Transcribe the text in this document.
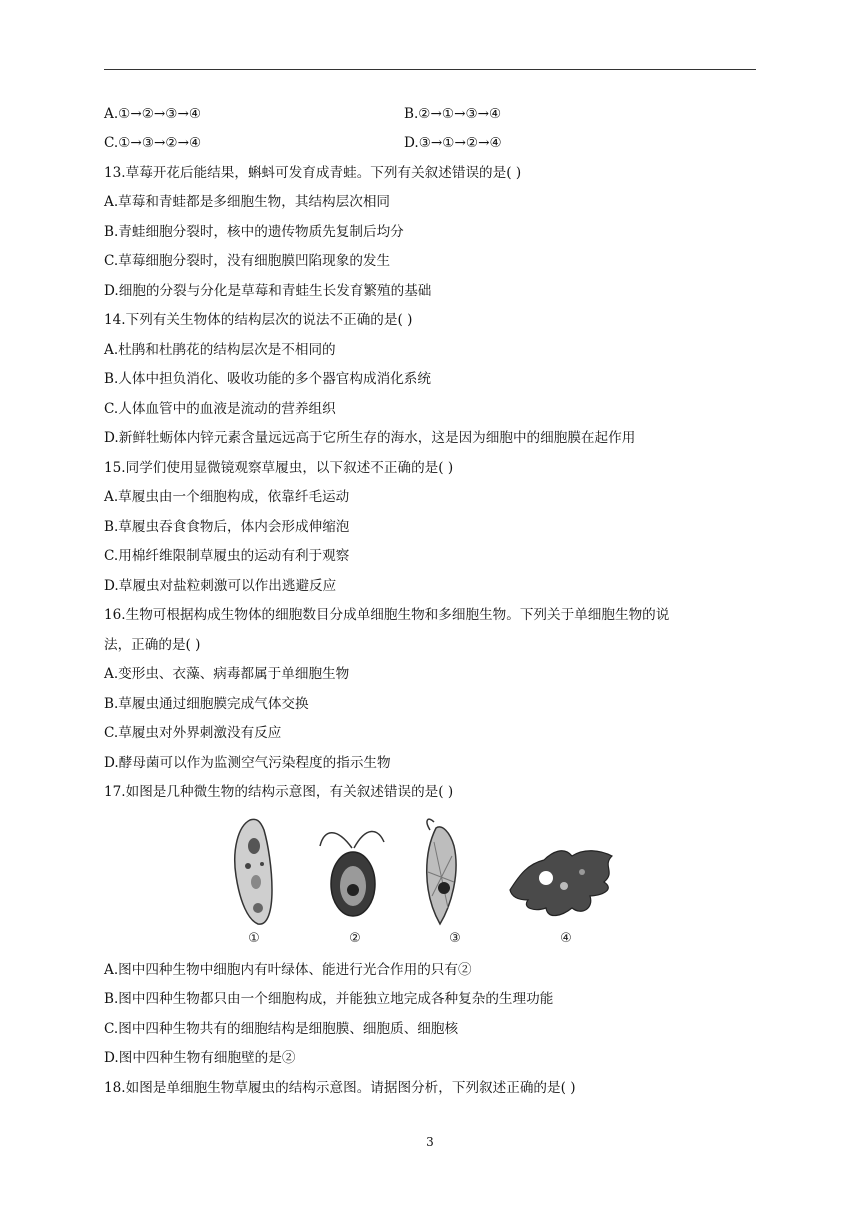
A.①→②→③→④	B.②→①→③→④
C.①→③→②→④	D.③→①→②→④
13.草莓开花后能结果，蝌蚪可发育成青蛙。下列有关叙述错误的是( )
A.草莓和青蛙都是多细胞生物，其结构层次相同
B.青蛙细胞分裂时，核中的遗传物质先复制后均分
C.草莓细胞分裂时，没有细胞膜凹陷现象的发生
D.细胞的分裂与分化是草莓和青蛙生长发育繁殖的基础
14.下列有关生物体的结构层次的说法不正确的是( )
A.杜鹃和杜鹃花的结构层次是不相同的
B.人体中担负消化、吸收功能的多个器官构成消化系统
C.人体血管中的血液是流动的营养组织
D.新鲜牡蛎体内锌元素含量远远高于它所生存的海水，这是因为细胞中的细胞膜在起作用
15.同学们使用显微镜观察草履虫，以下叙述不正确的是( )
A.草履虫由一个细胞构成，依靠纤毛运动
B.草履虫吞食食物后，体内会形成伸缩泡
C.用棉纤维限制草履虫的运动有利于观察
D.草履虫对盐粒刺激可以作出逃避反应
16.生物可根据构成生物体的细胞数目分成单细胞生物和多细胞生物。下列关于单细胞生物的说
法，正确的是( )
A.变形虫、衣藻、病毒都属于单细胞生物
B.草履虫通过细胞膜完成气体交换
C.草履虫对外界刺激没有反应
D.酵母菌可以作为监测空气污染程度的指示生物
17.如图是几种微生物的结构示意图，有关叙述错误的是( )
①	②	③	④
A.图中四种生物中细胞内有叶绿体、能进行光合作用的只有②
B.图中四种生物都只由一个细胞构成，并能独立地完成各种复杂的生理功能
C.图中四种生物共有的细胞结构是细胞膜、细胞质、细胞核
D.图中四种生物有细胞壁的是②
18.如图是单细胞生物草履虫的结构示意图。请据图分析，下列叙述正确的是( )
3
